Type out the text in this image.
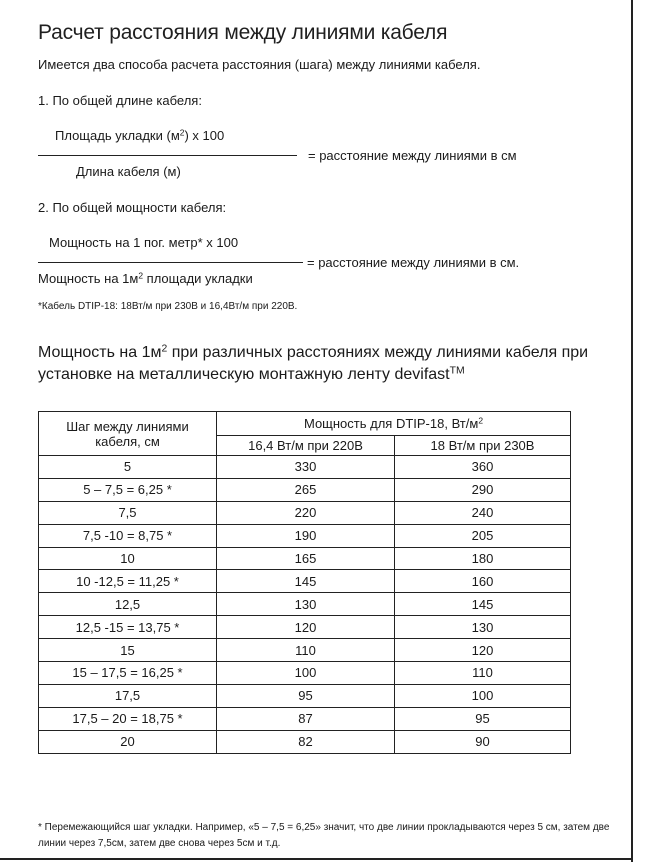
Расчет расстояния между линиями кабеля
Имеется два способа расчета расстояния (шага) между линиями кабеля.
1. По общей длине кабеля:
Площадь укладки $(м^2)$ х 100
= расстояние между линиями в см
Длина кабеля (м)
2. По общей мощности кабеля:
Мощность на 1 пог. метр* х 100
= расстояние между линиями в см.
Мощность на $1м^2$ площади укладки
*Кабель DTIP-18: 18Вт/м при 230В и 16,4Вт/м при 220В.
Мощность на $1м^2$ при различных расстояниях между линиями кабеля при
установке на металлическую монтажную ленту devifast™
Шаг между линиями
кабеля, см	Мощность для DTIP-18, $Вт/м^2$
	16,4 Вт/м при 220В	18 Вт/м при 230В
5	330	360
5 – 7,5 = 6,25 *	265	290
7,5	220	240
7,5 -10 = 8,75 *	190	205
10	165	180
10 -12,5 = 11,25 *	145	160
12,5	130	145
12,5 -15 = 13,75 *	120	130
15	110	120
15 – 17,5 = 16,25 *	100	110
17,5	95	100
17,5 – 20 = 18,75 *	87	95
20	82	90
* Перемежающийся шаг укладки. Например, «5 – 7,5 = 6,25» значит, что две линии прокладываются через 5 см, затем две
линии через 7,5см, затем две снова через 5см и т.д.
